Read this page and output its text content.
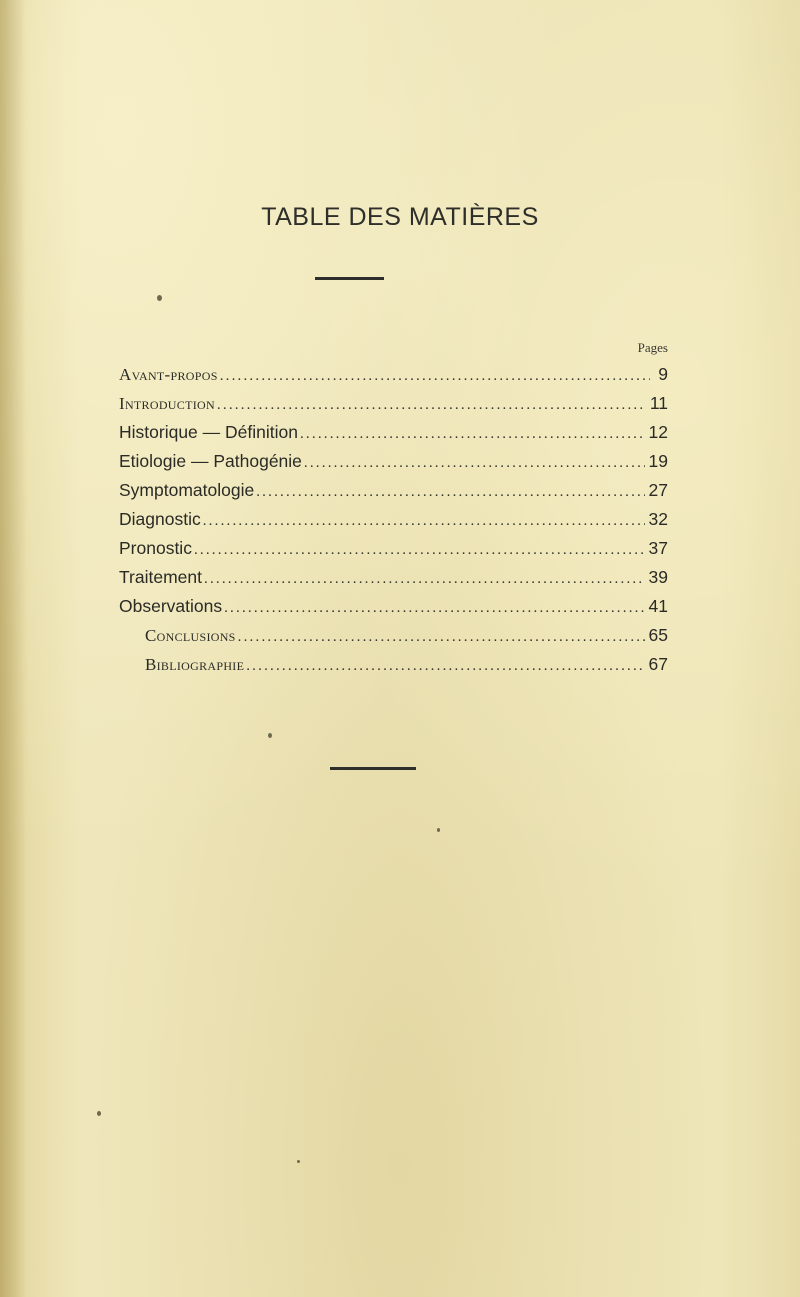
TABLE DES MATIÈRES
Pages
Avant-propos .....	9
Introduction .....	11
Historique — Définition .....	12
Etiologie — Pathogénie .....	19
Symptomatologie .....	27
Diagnostic .....	32
Pronostic .....	37
Traitement .....	39
Observations .....	41
Conclusions .....	65
Bibliographie .....	67
